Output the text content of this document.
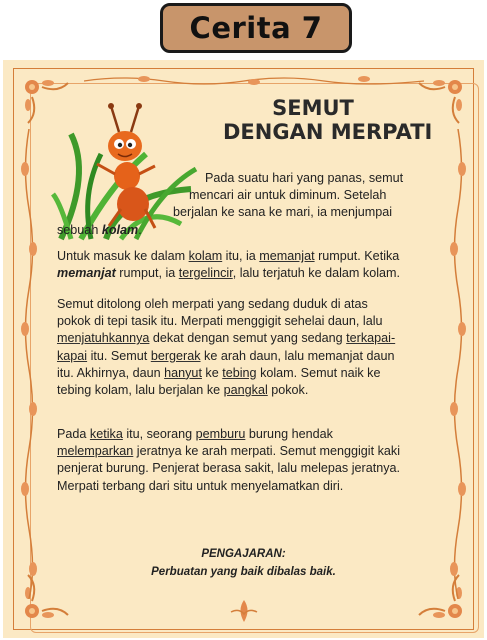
Cerita 7
SEMUT
DENGAN MERPATI
Pada suatu hari yang panas, semut
mencari air untuk diminum. Setelah
berjalan ke sana ke mari, ia menjumpai
sebuah kolam.
Untuk masuk ke dalam kolam itu, ia memanjat rumput. Ketika
memanjat rumput, ia tergelincir, lalu terjatuh ke dalam kolam.
Semut ditolong oleh merpati yang sedang duduk di atas
pokok di tepi tasik itu. Merpati menggigit sehelai daun, lalu
menjatuhkannya dekat dengan semut yang sedang terkapai-
kapai itu. Semut bergerak ke arah daun, lalu memanjat daun
itu. Akhirnya, daun hanyut ke tebing kolam. Semut naik ke
tebing kolam, lalu berjalan ke pangkal pokok.
Pada ketika itu, seorang pemburu burung hendak
melemparkan jeratnya ke arah merpati. Semut menggigit kaki
penjerat burung. Penjerat berasa sakit, lalu melepas jeratnya.
Merpati terbang dari situ untuk menyelamatkan diri.
PENGAJARAN:
Perbuatan yang baik dibalas baik.
